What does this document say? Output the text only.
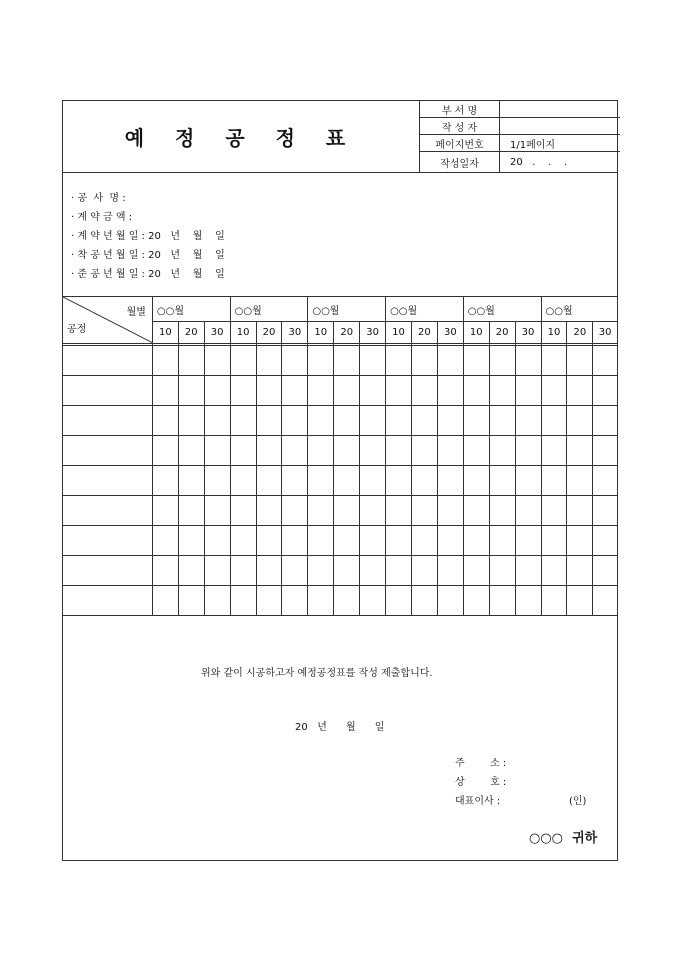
예 정 공 정 표
부 서 명
작 성 자
페이지번호	1/1페이지
작성일자	20   .    .    .
· 공  사  명 :
· 계 약 금 액 :
· 계 약 년 월 일 : 20   년    월    일
· 착 공 년 월 일 : 20   년    월    일
· 준 공 년 월 일 : 20   년    월    일
월별
공정	○○월			○○월			○○월			○○월			○○월			○○월		
	10	20	30	10	20	30	10	20	30	10	20	30	10	20	30	10	20	30

위와 같이 시공하고자 예정공정표를 작성 제출합니다.
20   년      월      일
주        소 :
상        호 :
대표이사 :	(인)
○○○  귀하
